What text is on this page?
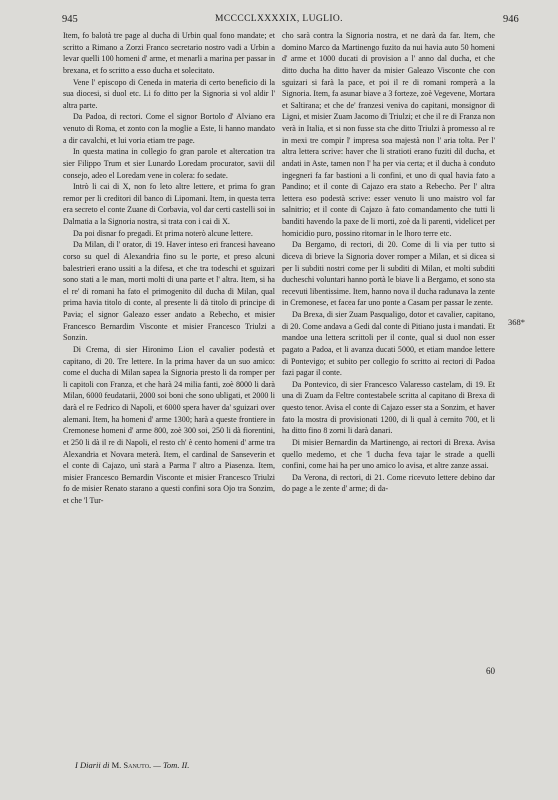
945	MCCCCLXXXXIX, LUGLIO.	946

Item, fo balotà tre page al ducha di Urbin qual fono mandate; et scritto a Rimano a Zorzi Franco secretario nostro vadi a Urbin a levar quelli 100 homeni d' arme, et menarli a marina per passar in brexana, et fo scritto a esso ducha et solecitato.

Vene l' episcopo di Ceneda in materia di certo beneficio di la sua diocesi, si duol etc. Li fo ditto per la Signoria si vol aldir l' altra parte.

Da Padoa, di rectori. Come el signor Bortolo d' Alviano era venuto di Roma, et zonto con la moglie a Este, li hanno mandato a dir cavalchi, et lui voria etiam tre page.

In questa matina in collegio fo gran parole et altercation tra sier Filippo Trum et sier Lunardo Loredam procurator, savii dil consejo, adeo el Loredam vene in colera: fo sedate.

Intrò li cai di X, non fo leto altre lettere, et prima fo gran remor per li creditori dil banco di Lipomani. Item, in questa terra era secreto el conte Zuane di Corbavia, vol dar certi castelli soi in Dalmatia a la Signoria nostra, si trata con i cai di X.

Da poi disnar fo pregadi. Et prima noterò alcune lettere.

Da Milan, di l' orator, di 19. Haver inteso eri francesi haveano corso su quel di Alexandria fino su le porte, et preso alcuni balestrieri erano ussiti a la difesa, et che tra todeschi et sguizari sono stati a le man, morti molti di una parte et l' altra. Item, si ha el re' di romani ha fato el primogenito dil ducha di Milan, qual prima havia titolo di conte, al presente li dà titolo di principe di Pavia; el signor Galeazo esser andato a Rebecho, et misier Francesco Bernardim Visconte et misier Francesco Triulzi a Sonzin.

Di Crema, di sier Hironimo Lion el cavalier podestà et capitano, di 20. Tre lettere. In la prima haver da un suo amico: come el ducha di Milan sapea la Signoria presto li da romper per li capitoli con Franza, et che harà 24 milia fanti, zoè 8000 li darà Milan, 6000 feudatarii, 2000 soi boni che sono ubligati, et 2000 li darà el re Fedrico di Napoli, et 6000 spera haver da' sguizari over alemani. Item, ha homeni d' arme 1300; harà a queste frontiere in Cremonese homeni d' arme 800, zoè 300 soi, 250 li dà fiorentini, et 250 li dà il re di Napoli, el resto ch' è cento homeni d' arme tra Alexandria et Novara meterà. Item, el cardinal de Sanseverin et el conte di Cajazo, unì starà a Parma l' altro a Piasenza. Item, misier Francesco Bernardin Visconte et misier Francesco Triulzi fo de misier Renato starano a questi confini sora Ojo tra Sonzim, et che 'l Tur-

cho sarà contra la Signoria nostra, et ne darà da far. Item, che domino Marco da Martinengo fuzito da nui havia auto 50 homeni d' arme et 1000 ducati di provision a l' anno dal ducha, et che ditto ducha ha ditto haver da misier Galeazo Visconte che con sguizari si farà la pace, et poi il re di romani romperà a la Signoria. Item, fa asunar biave a 3 forteze, zoè Vegevene, Mortara et Saltirana; et che de' franzesi veniva do capitani, monsignor di Ligni, et misier Zuam Jacomo di Triulzi; et che il re di Franza non verà in Italia, et si non fusse sta che ditto Triulzi à promesso al re in mexi tre compir l' impresa soa majestà non l' aria tolta. Per l' altra lettera scrive: haver che li stratioti erano fuziti dil ducha, et andati in Aste, tamen non l' ha per via certa; et il ducha à conduto ingegneri fa far bastioni a li confini, et uno di qual havia fato a Pandino; et il conte di Cajazo era stato a Rebecho. Per l' altra lettera eso podestà scrive: esser venuto li uno maistro vol far salnitrio; et il conte di Cajazo à fato comandamento che tutti li banditi havendo la paxe de li morti, zoè da li parenti, videlicet per homicidio puro, possino ritornar in le lhoro terre etc.

Da Bergamo, di rectori, di 20. Come di li via per tutto si diceva di brieve la Signoria dover romper a Milan, et si dicea si per li subditi nostri come per li subditi di Milan, et molti subditi ducheschi voluntari hanno portà le biave li a Bergamo, et sono sta recevuti libentissime. Item, hanno nova il ducha radunava la zente in Cremonese, et facea far uno ponte a Casam per passar le zente.

Da Brexa, di sier Zuam Pasqualigo, dotor et cavalier, capitano, di 20. Come andava a Gedi dal conte di Pitiano justa i mandati. Et mandoe una lettera scrittoli per il conte, qual si duol non esser pagato a Padoa, et li avanza ducati 5000, et etiam mandoe lettere di Pontevigo; et subito per collegio fo scritto ai rectori di Padoa fazi pagar il conte.

Da Pontevico, di sier Francesco Valaresso castelam, di 19. Et una di Zuam da Feltre contestabele scritta al capitano di Brexa di questo tenor. Avisa el conte di Cajazo esser sta a Sonzim, et haver fato la mostra di provisionati 1200, di li qual à cernito 700, et li ha ditto fino 8 zorni li darà danari.

Di misier Bernardin da Martinengo, ai rectori di Brexa. Avisa quello medemo, et che 'l ducha feva tajar le strade a quelli confini, come hai ha per uno amico lo avisa, et altre zanze assai.

Da Verona, di rectori, di 21. Come ricevuto lettere debino dar do page a le zente d' arme; di da-

368*
60
I Diarii di M. Sanuto. — Tom. II.
